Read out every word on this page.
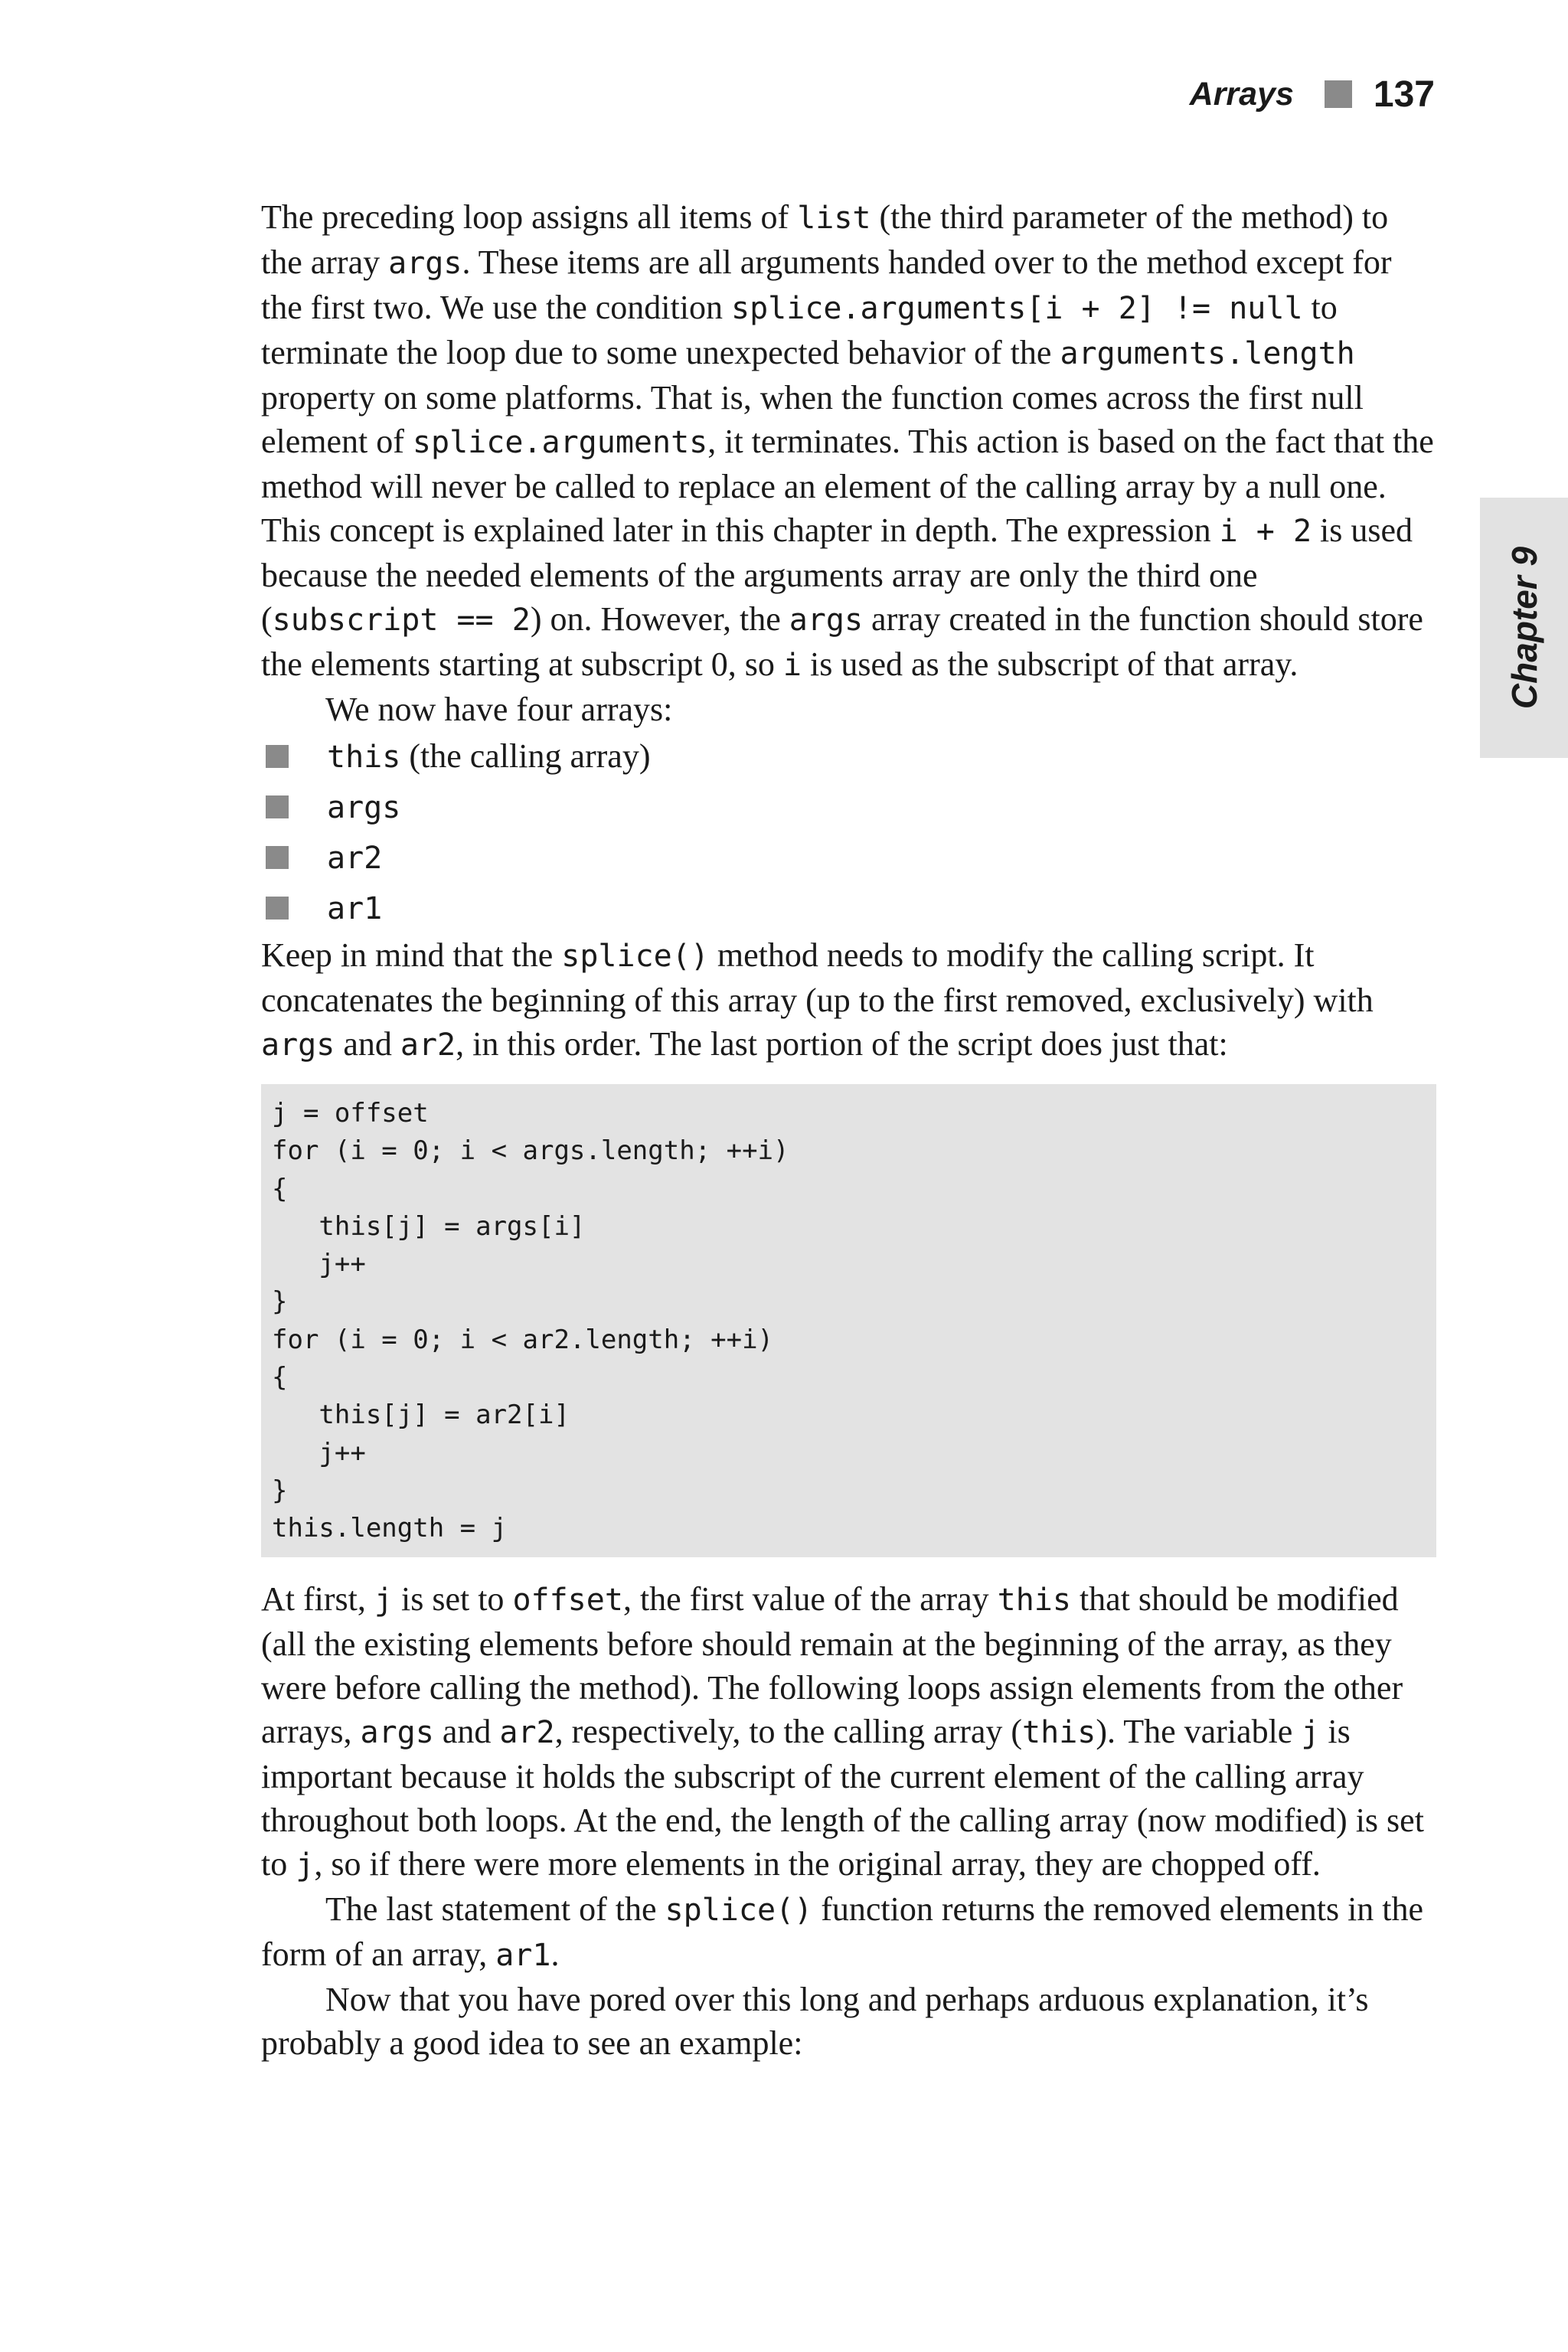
Arrays 137
Chapter 9

The preceding loop assigns all items of list (the third parameter of the method) to the array args. These items are all arguments handed over to the method except for the first two. We use the condition splice.arguments[i + 2] != null to terminate the loop due to some unexpected behavior of the arguments.length property on some platforms. That is, when the function comes across the first null element of splice.arguments, it terminates. This action is based on the fact that the method will never be called to replace an element of the calling array by a null one. This concept is explained later in this chapter in depth. The expression i + 2 is used because the needed elements of the arguments array are only the third one (subscript == 2) on. However, the args array created in the function should store the elements starting at subscript 0, so i is used as the subscript of that array.

We now have four arrays:

this (the calling array)
args
ar2
ar1

Keep in mind that the splice() method needs to modify the calling script. It concatenates the beginning of this array (up to the first removed, exclusively) with args and ar2, in this order. The last portion of the script does just that:

j = offset
for (i = 0; i < args.length; ++i)
{
this[j] = args[i]
j++
}
for (i = 0; i < ar2.length; ++i)
{
this[j] = ar2[i]
j++
}
this.length = j

At first, j is set to offset, the first value of the array this that should be modified (all the existing elements before should remain at the beginning of the array, as they were before calling the method). The following loops assign elements from the other arrays, args and ar2, respectively, to the calling array (this). The variable j is important because it holds the subscript of the current element of the calling array throughout both loops. At the end, the length of the calling array (now modified) is set to j, so if there were more elements in the original array, they are chopped off.

The last statement of the splice() function returns the removed elements in the form of an array, ar1.

Now that you have pored over this long and perhaps arduous explanation, it’s probably a good idea to see an example:
